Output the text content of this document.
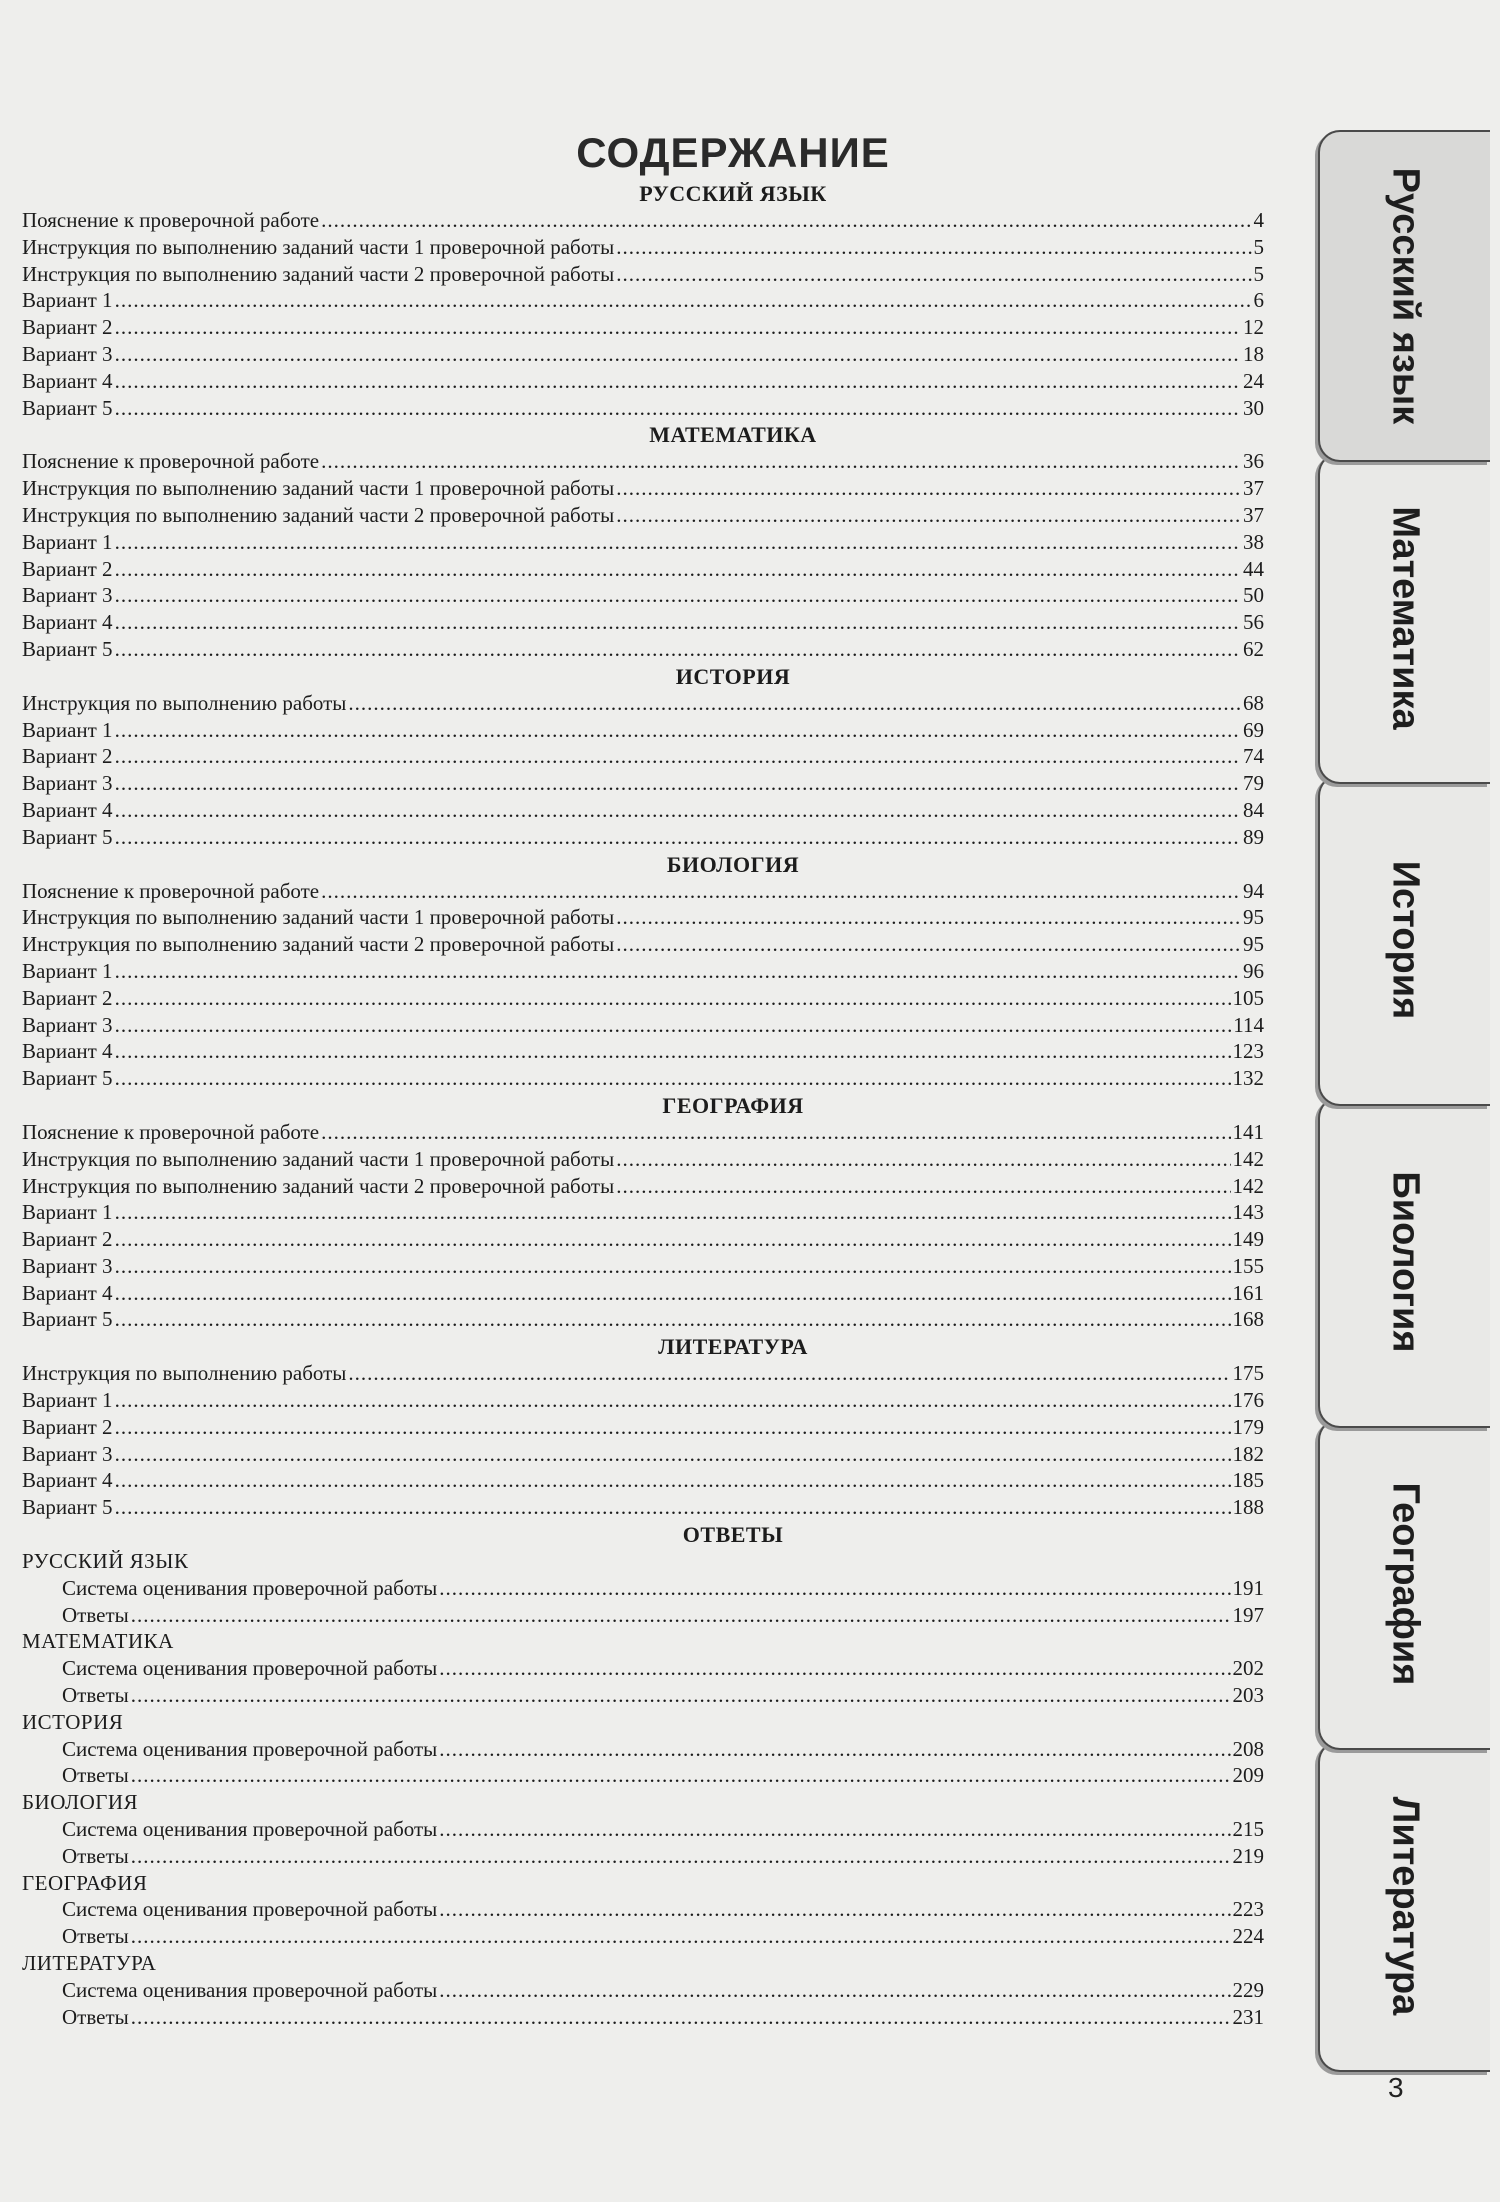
СОДЕРЖАНИЕ
РУССКИЙ ЯЗЫК
Пояснение к проверочной работе .....	4
Инструкция по выполнению заданий части 1 проверочной работы .....	5
Инструкция по выполнению заданий части 2 проверочной работы .....	5
Вариант 1 .....	6
Вариант 2 .....	12
Вариант 3 .....	18
Вариант 4 .....	24
Вариант 5 .....	30
МАТЕМАТИКА
Пояснение к проверочной работе .....	36
Инструкция по выполнению заданий части 1 проверочной работы .....	37
Инструкция по выполнению заданий части 2 проверочной работы .....	37
Вариант 1 .....	38
Вариант 2 .....	44
Вариант 3 .....	50
Вариант 4 .....	56
Вариант 5 .....	62
ИСТОРИЯ
Инструкция по выполнению работы .....	68
Вариант 1 .....	69
Вариант 2 .....	74
Вариант 3 .....	79
Вариант 4 .....	84
Вариант 5 .....	89
БИОЛОГИЯ
Пояснение к проверочной работе .....	94
Инструкция по выполнению заданий части 1 проверочной работы .....	95
Инструкция по выполнению заданий части 2 проверочной работы .....	95
Вариант 1 .....	96
Вариант 2 .....	105
Вариант 3 .....	114
Вариант 4 .....	123
Вариант 5 .....	132
ГЕОГРАФИЯ
Пояснение к проверочной работе .....	141
Инструкция по выполнению заданий части 1 проверочной работы .....	142
Инструкция по выполнению заданий части 2 проверочной работы .....	142
Вариант 1 .....	143
Вариант 2 .....	149
Вариант 3 .....	155
Вариант 4 .....	161
Вариант 5 .....	168
ЛИТЕРАТУРА
Инструкция по выполнению работы .....	175
Вариант 1 .....	176
Вариант 2 .....	179
Вариант 3 .....	182
Вариант 4 .....	185
Вариант 5 .....	188
ОТВЕТЫ
РУССКИЙ ЯЗЫК
Система оценивания проверочной работы .....	191
Ответы .....	197
МАТЕМАТИКА
Система оценивания проверочной работы .....	202
Ответы .....	203
ИСТОРИЯ
Система оценивания проверочной работы .....	208
Ответы .....	209
БИОЛОГИЯ
Система оценивания проверочной работы .....	215
Ответы .....	219
ГЕОГРАФИЯ
Система оценивания проверочной работы .....	223
Ответы .....	224
ЛИТЕРАТУРА
Система оценивания проверочной работы .....	229
Ответы .....	231
Русский язык
Математика
История
Биология
География
Литература
3
